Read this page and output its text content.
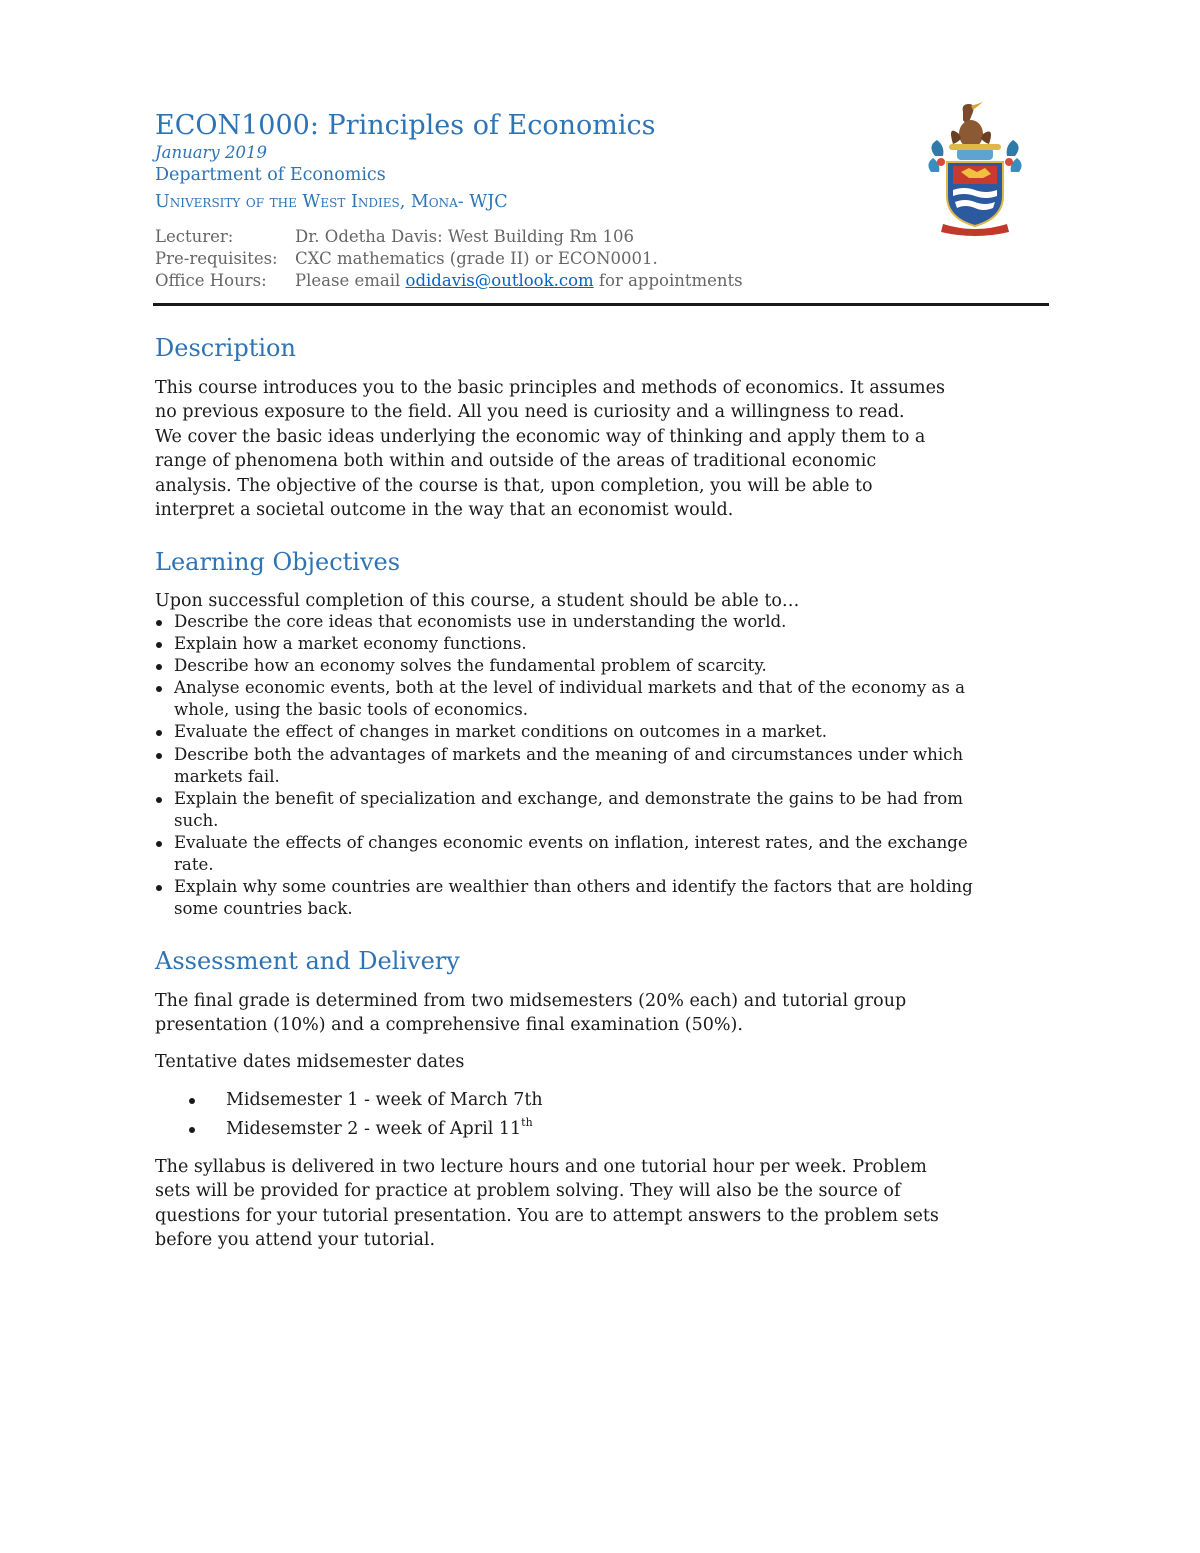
ECON1000: Principles of Economics
January 2019
Department of Economics
University of the West Indies, Mona- WJC
Lecturer:	Dr. Odetha Davis: West Building Rm 106
Pre-requisites: CXC mathematics (grade II) or ECON0001.
Office Hours: Please email odidavis@outlook.com for appointments
Description
This course introduces you to the basic principles and methods of economics. It assumes
no previous exposure to the field. All you need is curiosity and a willingness to read.
We cover the basic ideas underlying the economic way of thinking and apply them to a
range of phenomena both within and outside of the areas of traditional economic
analysis. The objective of the course is that, upon completion, you will be able to
interpret a societal outcome in the way that an economist would.
Learning Objectives
Upon successful completion of this course, a student should be able to…
Describe the core ideas that economists use in understanding the world.
Explain how a market economy functions.
Describe how an economy solves the fundamental problem of scarcity.
Analyse economic events, both at the level of individual markets and that of the economy as a
whole, using the basic tools of economics.
Evaluate the effect of changes in market conditions on outcomes in a market.
Describe both the advantages of markets and the meaning of and circumstances under which
markets fail.
Explain the benefit of specialization and exchange, and demonstrate the gains to be had from
such.
Evaluate the effects of changes economic events on inflation, interest rates, and the exchange
rate.
Explain why some countries are wealthier than others and identify the factors that are holding
some countries back.
Assessment and Delivery
The final grade is determined from two midsemesters (20% each) and tutorial group
presentation (10%) and a comprehensive final examination (50%).
Tentative dates midsemester dates
Midsemester 1 - week of March 7th
Midesemster 2 - week of April 11th
The syllabus is delivered in two lecture hours and one tutorial hour per week. Problem
sets will be provided for practice at problem solving. They will also be the source of
questions for your tutorial presentation. You are to attempt answers to the problem sets
before you attend your tutorial.
